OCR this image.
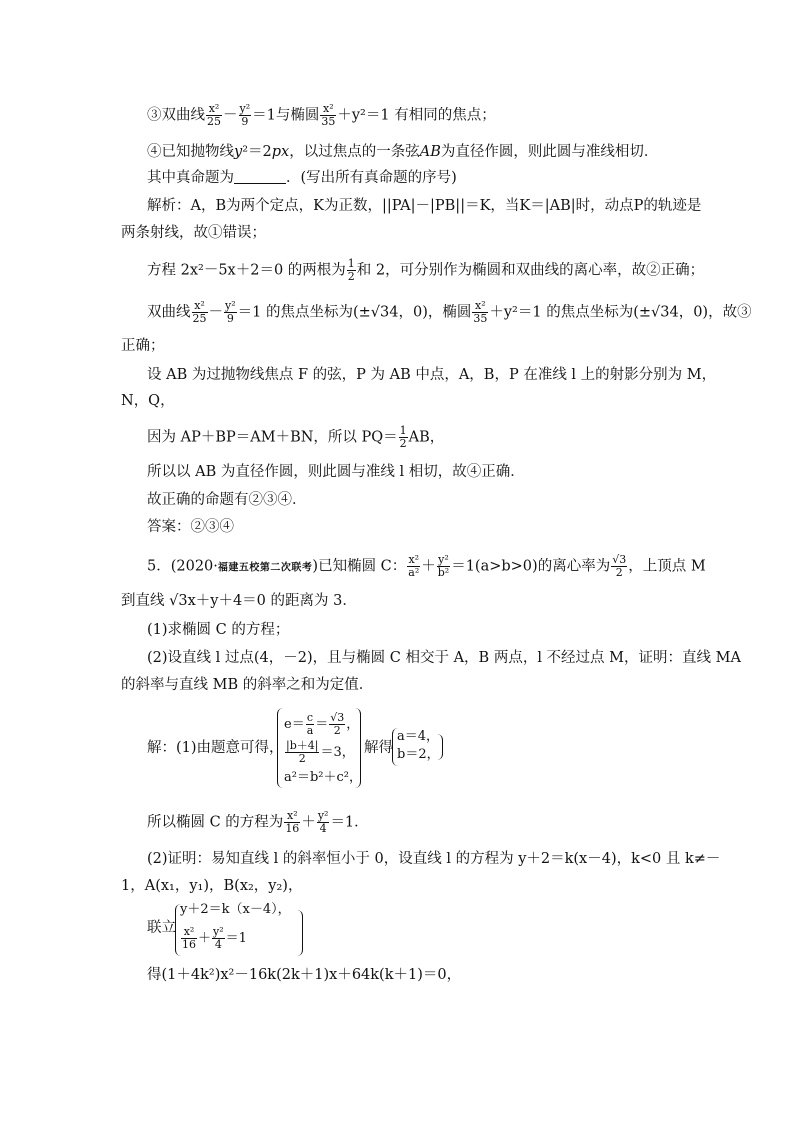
③双曲线 $\frac{\text{x²}}{25} - \frac{\text{y²}}{9} =1$与椭圆 $\frac{\text{x²}}{35} +y^2=1$ 有相同的焦点；
④已知抛物线y²＝2px，以过焦点的一条弦AB为直径作圆，则此圆与准线相切．
其中真命题为	．(写出所有真命题的序号)
解析：A，B为两个定点，K为正数，||PA|－|PB||＝K，当K＝|AB|时，动点P的轨迹是
两条射线，故①错误；
方程 2x²－5x＋2＝0 的两根为 $\frac{1}{2}$ 和 2，可分别作为椭圆和双曲线的离心率，故②正确；
双曲线 $\frac{\text{x²}}{25} - \frac{\text{y²}}{9} =1$ 的焦点坐标为(±√34，0)，椭圆 $\frac{\text{x²}}{35} +y^2=1$ 的焦点坐标为(±√34，0)，故③
正确；
设 AB 为过抛物线焦点 F 的弦，P 为 AB 中点，A，B，P 在准线 l 上的射影分别为 M，
N，Q，
因为 AP＋BP＝AM＋BN，所以 $PQ= \frac{1}{2}$ AB，
所以以 AB 为直径作圆，则此圆与准线 l 相切，故④正确．
故正确的命题有②③④．
答案：②③④
5．(2020·福建五校第二次联考)已知椭圆 C： $\frac{\text{x²}}{\text{a²}} + \frac{\text{y²}}{\text{b²}} =1(a>b>0)$的离心率为 $\frac{√3}{2}$ ，上顶点 M
到直线 √3x＋y＋4＝0 的距离为 3．
(1)求椭圆 C 的方程；
(2)设直线 l 过点(4，－2)，且与椭圆 C 相交于 A，B 两点，l 不经过点 M，证明：直线 MA
的斜率与直线 MB 的斜率之和为定值．
解：(1)由题意可得，
$e= \frac{c}{a} = \frac{√3}{2}$ ，
$\frac{|b+4|}{2} =3$，
a²＝b²＋c²，
解得
a＝4，
b＝2，
所以椭圆 C 的方程为 $\frac{\text{x²}}{16} + \frac{\text{y²}}{4} =1$．
(2)证明：易知直线 l 的斜率恒小于 0，设直线 l 的方程为 y＋2＝k(x－4)，k<0 且 k≠－
1，A(x₁，y₁)，B(x₂，y₂)，
联立
y＋2＝k（x－4），
$\frac{\text{x²}}{16} + \frac{\text{y²}}{4} =1$
得(1＋4k²)x²－16k(2k＋1)x＋64k(k＋1)＝0，
